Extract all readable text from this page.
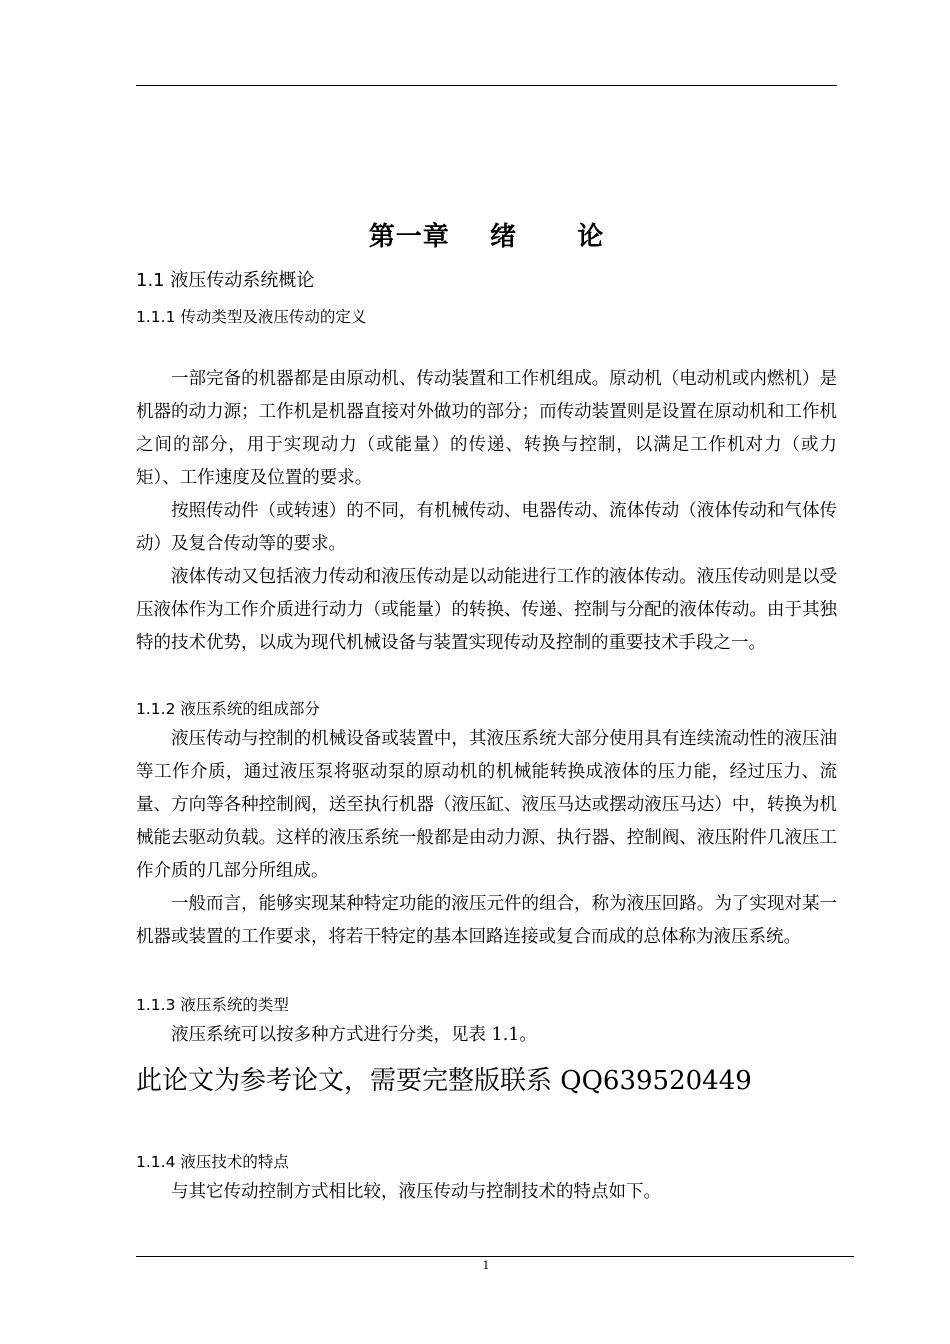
第一章    绪      论
1.1 液压传动系统概论
1.1.1 传动类型及液压传动的定义

一部完备的机器都是由原动机、传动装置和工作机组成。原动机（电动机或内燃机）是机器的动力源；工作机是机器直接对外做功的部分；而传动装置则是设置在原动机和工作机之间的部分，用于实现动力（或能量）的传递、转换与控制，以满足工作机对力（或力矩）、工作速度及位置的要求。

按照传动件（或转速）的不同，有机械传动、电器传动、流体传动（液体传动和气体传动）及复合传动等的要求。

液体传动又包括液力传动和液压传动是以动能进行工作的液体传动。液压传动则是以受压液体作为工作介质进行动力（或能量）的转换、传递、控制与分配的液体传动。由于其独特的技术优势，以成为现代机械设备与装置实现传动及控制的重要技术手段之一。

1.1.2 液压系统的组成部分

液压传动与控制的机械设备或装置中，其液压系统大部分使用具有连续流动性的液压油等工作介质，通过液压泵将驱动泵的原动机的机械能转换成液体的压力能，经过压力、流量、方向等各种控制阀，送至执行机器（液压缸、液压马达或摆动液压马达）中，转换为机械能去驱动负载。这样的液压系统一般都是由动力源、执行器、控制阀、液压附件几液压工作介质的几部分所组成。

一般而言，能够实现某种特定功能的液压元件的组合，称为液压回路。为了实现对某一机器或装置的工作要求，将若干特定的基本回路连接或复合而成的总体称为液压系统。

1.1.3 液压系统的类型

液压系统可以按多种方式进行分类，见表 1.1。

此论文为参考论文，需要完整版联系 QQ639520449
1.1.4 液压技术的特点

与其它传动控制方式相比较，液压传动与控制技术的特点如下。

1
